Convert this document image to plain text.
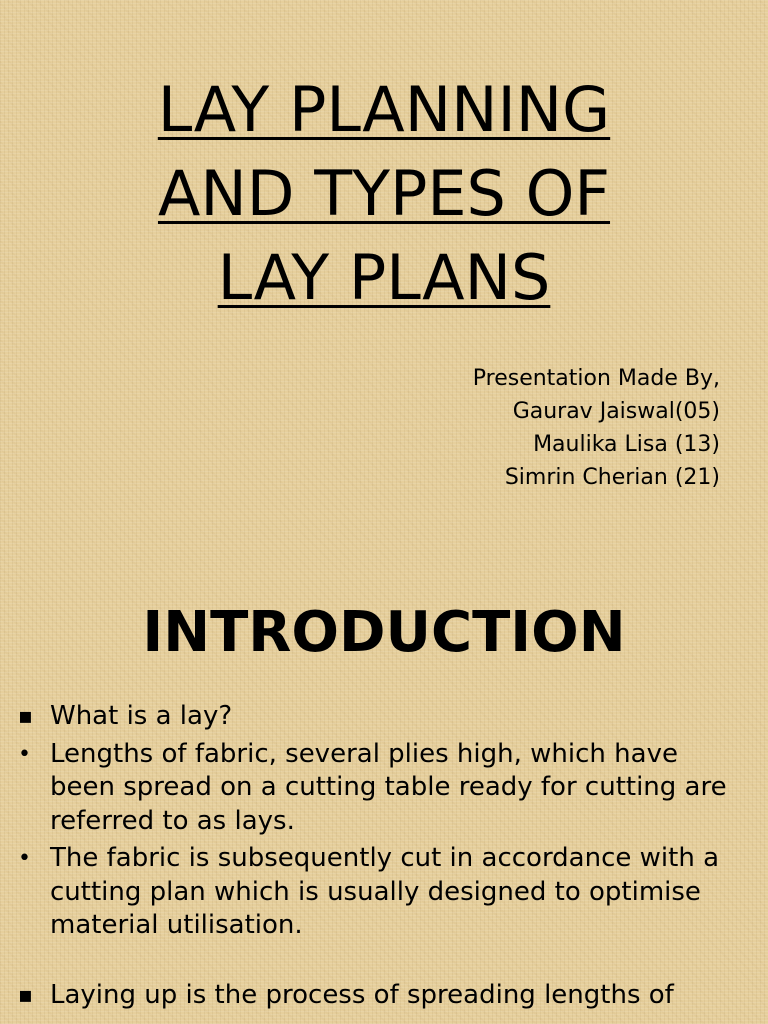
LAY PLANNING
AND TYPES OF
LAY PLANS
Presentation Made By,
Gaurav Jaiswal(05)
Maulika Lisa (13)
Simrin Cherian (21)
INTRODUCTION
▪ What is a lay?
• Lengths of fabric, several plies high, which have been spread on a cutting table ready for cutting are referred to as lays.
• The fabric is subsequently cut in accordance with a cutting plan which is usually designed to optimise material utilisation.
▪ Laying up is the process of spreading lengths of
